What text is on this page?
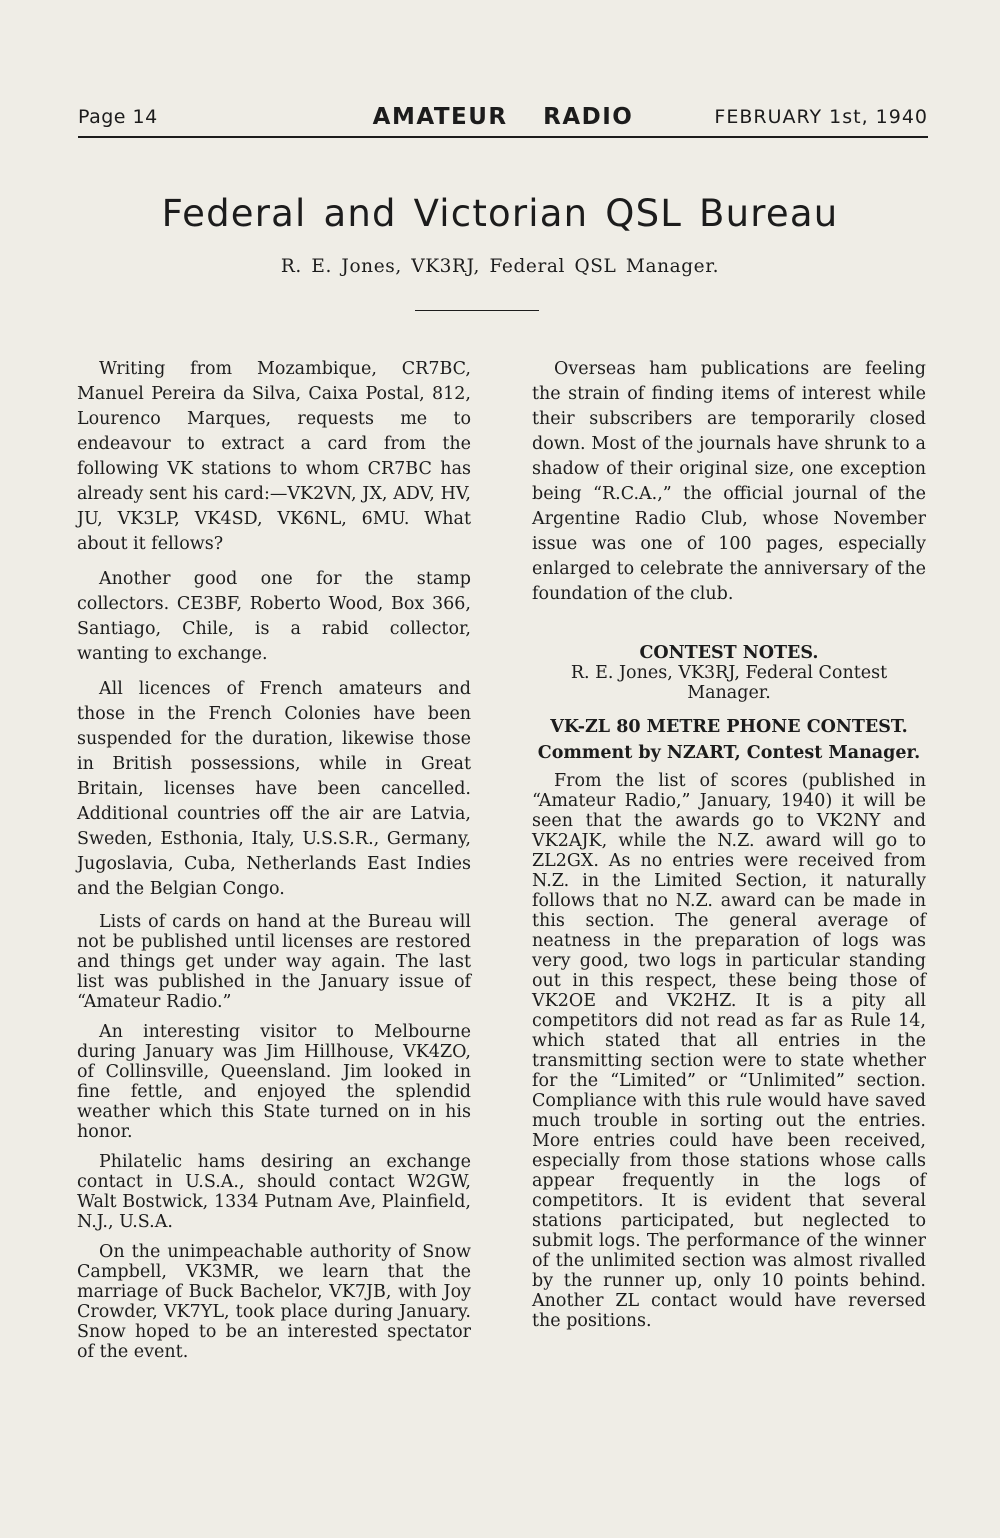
Page 14	AMATEUR RADIO	FEBRUARY 1st, 1940
Federal and Victorian QSL Bureau
R. E. Jones, VK3RJ, Federal QSL Manager.

Writing from Mozambique, CR7BC, Manuel Pereira da Silva, Caixa Postal, 812, Lourenco Marques, requests me to endeavour to extract a card from the following VK stations to whom CR7BC has already sent his card:—VK2VN, JX, ADV, HV, JU, VK3LP, VK4SD, VK6NL, 6MU. What about it fellows?

Another good one for the stamp collectors. CE3BF, Roberto Wood, Box 366, Santiago, Chile, is a rabid collector, wanting to exchange.

All licences of French amateurs and those in the French Colonies have been suspended for the duration, likewise those in British possessions, while in Great Britain, licenses have been cancelled. Additional countries off the air are Latvia, Sweden, Esthonia, Italy, U.S.S.R., Germany, Jugoslavia, Cuba, Netherlands East Indies and the Belgian Congo.

Lists of cards on hand at the Bureau will not be published until licenses are restored and things get under way again. The last list was published in the January issue of “Amateur Radio.”

An interesting visitor to Melbourne during January was Jim Hillhouse, VK4ZO, of Collinsville, Queensland. Jim looked in fine fettle, and enjoyed the splendid weather which this State turned on in his honor.

Philatelic hams desiring an exchange contact in U.S.A., should contact W2GW, Walt Bostwick, 1334 Putnam Ave, Plainfield, N.J., U.S.A.

On the unimpeachable authority of Snow Campbell, VK3MR, we learn that the marriage of Buck Bachelor, VK7JB, with Joy Crowder, VK7YL, took place during January. Snow hoped to be an interested spectator of the event.

Overseas ham publications are feeling the strain of finding items of interest while their subscribers are temporarily closed down. Most of the journals have shrunk to a shadow of their original size, one exception being “R.C.A.,” the official journal of the Argentine Radio Club, whose November issue was one of 100 pages, especially enlarged to celebrate the anniversary of the foundation of the club.

CONTEST NOTES.

R. E. Jones, VK3RJ, Federal Contest Manager.

VK-ZL 80 METRE PHONE CONTEST.

Comment by NZART, Contest Manager.

From the list of scores (published in “Amateur Radio,” January, 1940) it will be seen that the awards go to VK2NY and VK2AJK, while the N.Z. award will go to ZL2GX. As no entries were received from N.Z. in the Limited Section, it naturally follows that no N.Z. award can be made in this section. The general average of neatness in the preparation of logs was very good, two logs in particular standing out in this respect, these being those of VK2OE and VK2HZ. It is a pity all competitors did not read as far as Rule 14, which stated that all entries in the transmitting section were to state whether for the “Limited” or “Unlimited” section. Compliance with this rule would have saved much trouble in sorting out the entries. More entries could have been received, especially from those stations whose calls appear frequently in the logs of competitors. It is evident that several stations participated, but neglected to submit logs. The performance of the winner of the unlimited section was almost rivalled by the runner up, only 10 points behind. Another ZL contact would have reversed the positions.
